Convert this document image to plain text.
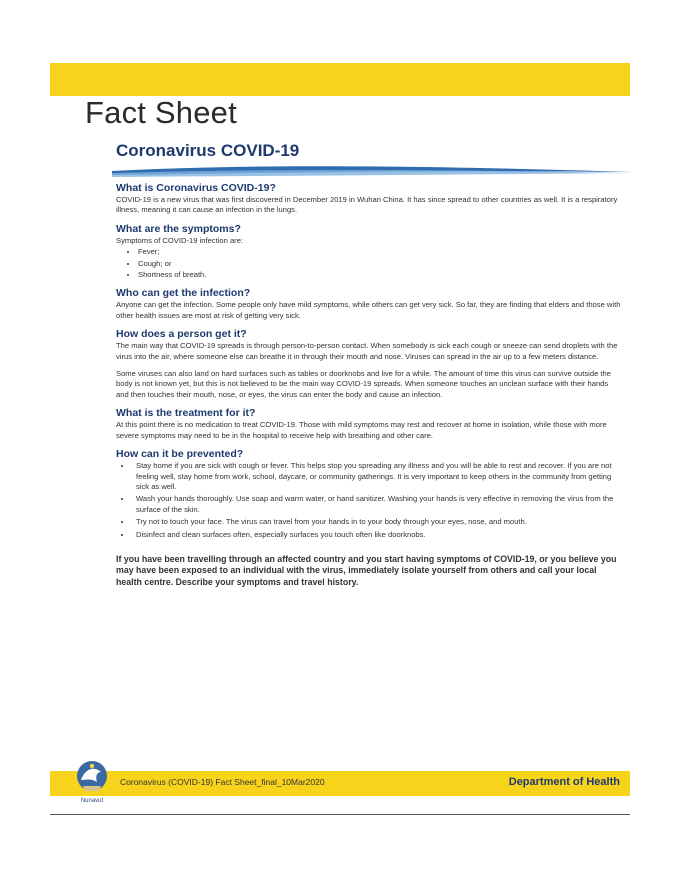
Fact Sheet
Coronavirus COVID-19
What is Coronavirus COVID-19?

COVID-19 is a new virus that was first discovered in December 2019 in Wuhan China. It has since spread to other countries as well. It is a respiratory illness, meaning it can cause an infection in the lungs.

What are the symptoms?

Symptoms of COVID-19 infection are:

• Fever;
• Cough; or
• Shortness of breath.
Who can get the infection?

Anyone can get the infection. Some people only have mild symptoms, while others can get very sick. So far, they are finding that elders and those with other health issues are most at risk of getting very sick.

How does a person get it?

The main way that COVID-19 spreads is through person-to-person contact. When somebody is sick each cough or sneeze can send droplets with the virus into the air, where someone else can breathe it in through their mouth and nose. Viruses can spread in the air up to a few meters distance.

Some viruses can also land on hard surfaces such as tables or doorknobs and live for a while. The amount of time this virus can survive outside the body is not known yet, but this is not believed to be the main way COVID-19 spreads. When someone touches an unclean surface with their hands and then touches their mouth, nose, or eyes, the virus can enter the body and cause an infection.

What is the treatment for it?

At this point there is no medication to treat COVID-19. Those with mild symptoms may rest and recover at home in isolation, while those with more severe symptoms may need to be in the hospital to receive help with breathing and other care.

How can it be prevented?
• Stay home if you are sick with cough or fever. This helps stop you spreading any illness and you will be able to rest and recover. If you are not feeling well, stay home from work, school, daycare, or community gatherings. It is very important to keep others in the community from getting sick as well.
• Wash your hands thoroughly. Use soap and warm water, or hand sanitizer. Washing your hands is very effective in removing the virus from the surface of the skin.
• Try not to touch your face. The virus can travel from your hands in to your body through your eyes, nose, and mouth.
• Disinfect and clean surfaces often, especially surfaces you touch often like doorknobs.

If you have been travelling through an affected country and you start having symptoms of COVID-19, or you believe you may have been exposed to an individual with the virus, immediately isolate yourself from others and call your local health centre. Describe your symptoms and travel history.

Nunavut
Coronavirus (COVID-19) Fact Sheet_final_10Mar2020	Department of Health
